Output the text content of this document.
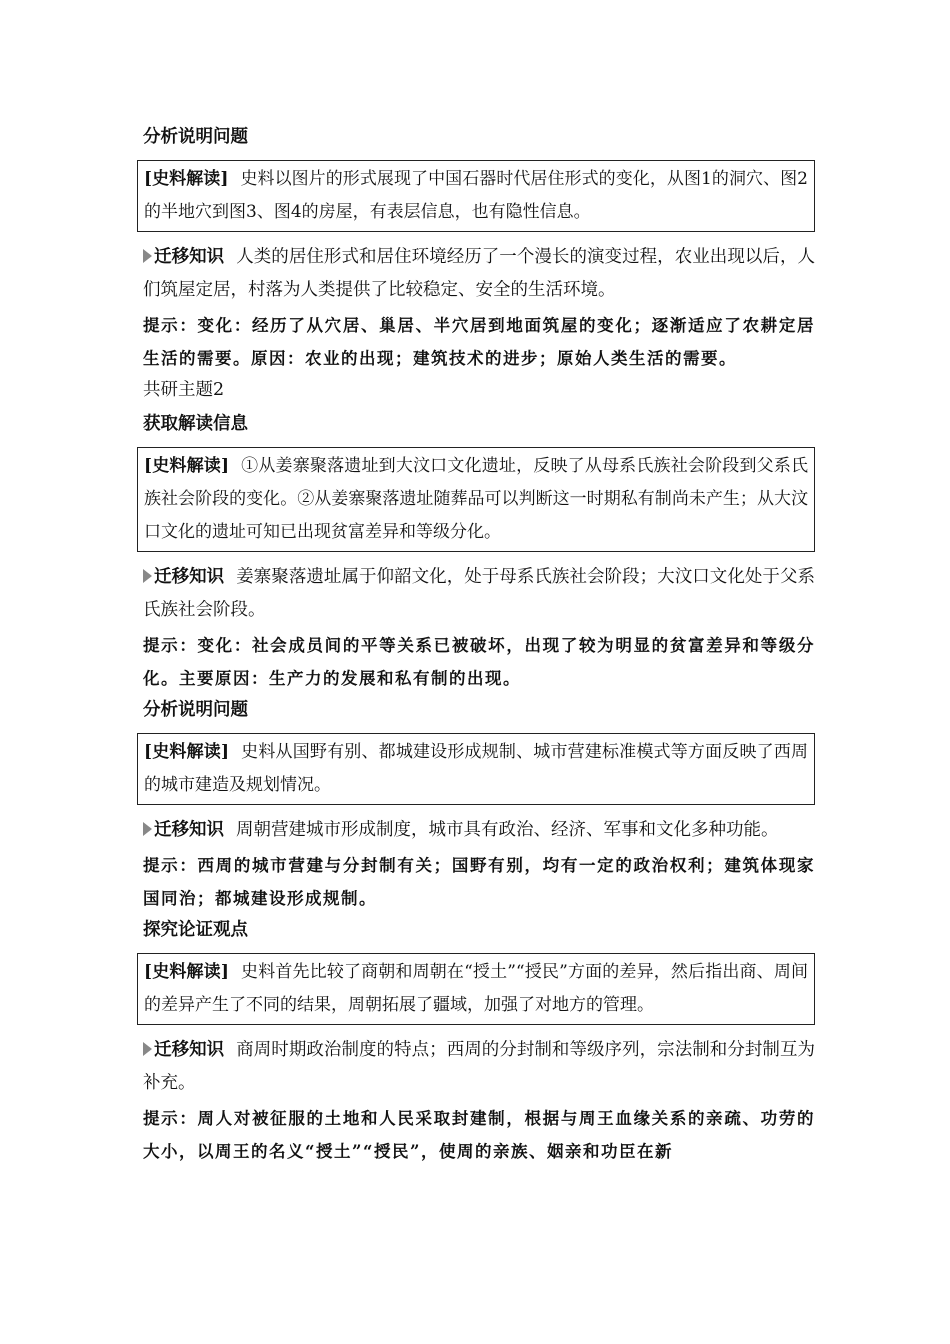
分析说明问题
[史料解读] 史料以图片的形式展现了中国石器时代居住形式的变化，从图1的洞穴、图2的半地穴到图3、图4的房屋，有表层信息，也有隐性信息。
迁移知识 人类的居住形式和居住环境经历了一个漫长的演变过程，农业出现以后，人们筑屋定居，村落为人类提供了比较稳定、安全的生活环境。
提示：变化：经历了从穴居、巢居、半穴居到地面筑屋的变化；逐渐适应了农耕定居生活的需要。原因：农业的出现；建筑技术的进步；原始人类生活的需要。
共研主题2
获取解读信息
[史料解读] ①从姜寨聚落遗址到大汶口文化遗址，反映了从母系氏族社会阶段到父系氏族社会阶段的变化。②从姜寨聚落遗址随葬品可以判断这一时期私有制尚未产生；从大汶口文化的遗址可知已出现贫富差异和等级分化。
迁移知识 姜寨聚落遗址属于仰韶文化，处于母系氏族社会阶段；大汶口文化处于父系氏族社会阶段。
提示：变化：社会成员间的平等关系已被破坏，出现了较为明显的贫富差异和等级分化。主要原因：生产力的发展和私有制的出现。
分析说明问题
[史料解读] 史料从国野有别、都城建设形成规制、城市营建标准模式等方面反映了西周的城市建造及规划情况。
迁移知识 周朝营建城市形成制度，城市具有政治、经济、军事和文化多种功能。
提示：西周的城市营建与分封制有关；国野有别，均有一定的政治权利；建筑体现家国同治；都城建设形成规制。
探究论证观点
[史料解读] 史料首先比较了商朝和周朝在“授土”“授民”方面的差异，然后指出商、周间的差异产生了不同的结果，周朝拓展了疆域，加强了对地方的管理。
迁移知识 商周时期政治制度的特点；西周的分封制和等级序列，宗法制和分封制互为补充。
提示：周人对被征服的土地和人民采取封建制，根据与周王血缘关系的亲疏、功劳的大小，以周王的名义“授土”“授民”，使周的亲族、姻亲和功臣在新
